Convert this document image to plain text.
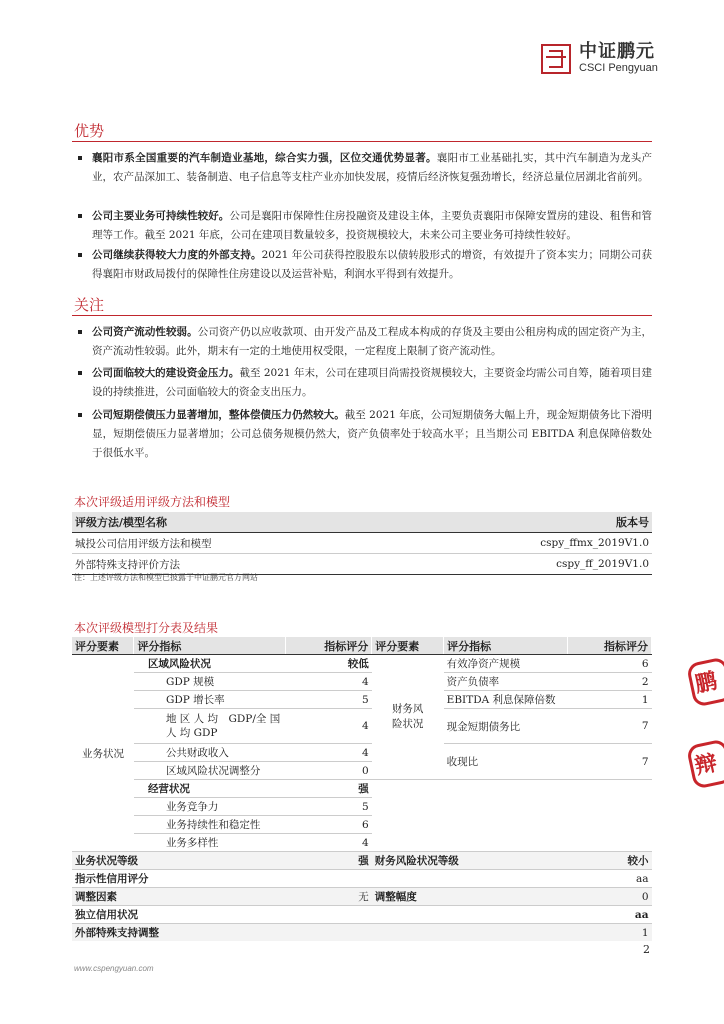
中证鹏元
CSCI Pengyuan
优势
襄阳市系全国重要的汽车制造业基地，综合实力强，区位交通优势显著。襄阳市工业基础扎实，其中汽车制造为龙头产业，农产品深加工、装备制造、电子信息等支柱产业亦加快发展，疫情后经济恢复强劲增长，经济总量位居湖北省前列。
公司主要业务可持续性较好。公司是襄阳市保障性住房投融资及建设主体，主要负责襄阳市保障安置房的建设、租售和管理等工作。截至 2021 年底，公司在建项目数量较多，投资规模较大，未来公司主要业务可持续性较好。
公司继续获得较大力度的外部支持。2021 年公司获得控股股东以债转股形式的增资，有效提升了资本实力；同期公司获得襄阳市财政局拨付的保障性住房建设以及运营补贴，利润水平得到有效提升。
关注
公司资产流动性较弱。公司资产仍以应收款项、由开发产品及工程成本构成的存货及主要由公租房构成的固定资产为主，资产流动性较弱。此外，期末有一定的土地使用权受限，一定程度上限制了资产流动性。
公司面临较大的建设资金压力。截至 2021 年末，公司在建项目尚需投资规模较大，主要资金均需公司自筹，随着项目建设的持续推进，公司面临较大的资金支出压力。
公司短期偿债压力显著增加，整体偿债压力仍然较大。截至 2021 年底，公司短期债务大幅上升，现金短期债务比下滑明显，短期偿债压力显著增加；公司总债务规模仍然大，资产负债率处于较高水平；且当期公司 EBITDA 利息保障倍数处于很低水平。
本次评级适用评级方法和模型
评级方法/模型名称	版本号
城投公司信用评级方法和模型	cspy_ffmx_2019V1.0
外部特殊支持评价方法	cspy_ff_2019V1.0
注：上述评级方法和模型已披露于中证鹏元官方网站
本次评级模型打分表及结果
评分要素	评分指标	指标评分	评分要素	评分指标	指标评分
业务状况	区域风险状况	较低	财务风险状况	有效净资产规模	6
	GDP 规模	4		资产负债率	2
	GDP 增长率	5		EBITDA 利息保障倍数	1
	地 区 人 均　GDP/全 国 人 均 GDP	4		现金短期债务比	7
	公共财政收入	4		收现比	7
	区域风险状况调整分	0			
	经营状况	强			
	业务竞争力	5			
	业务持续性和稳定性	6			
	业务多样性	4			
业务状况等级		强	财务风险状况等级		较小
指示性信用评分					aa
调整因素		无	调整幅度		0
独立信用状况					aa
外部特殊支持调整					1
2
www.cspengyuan.com
鹏
辩
